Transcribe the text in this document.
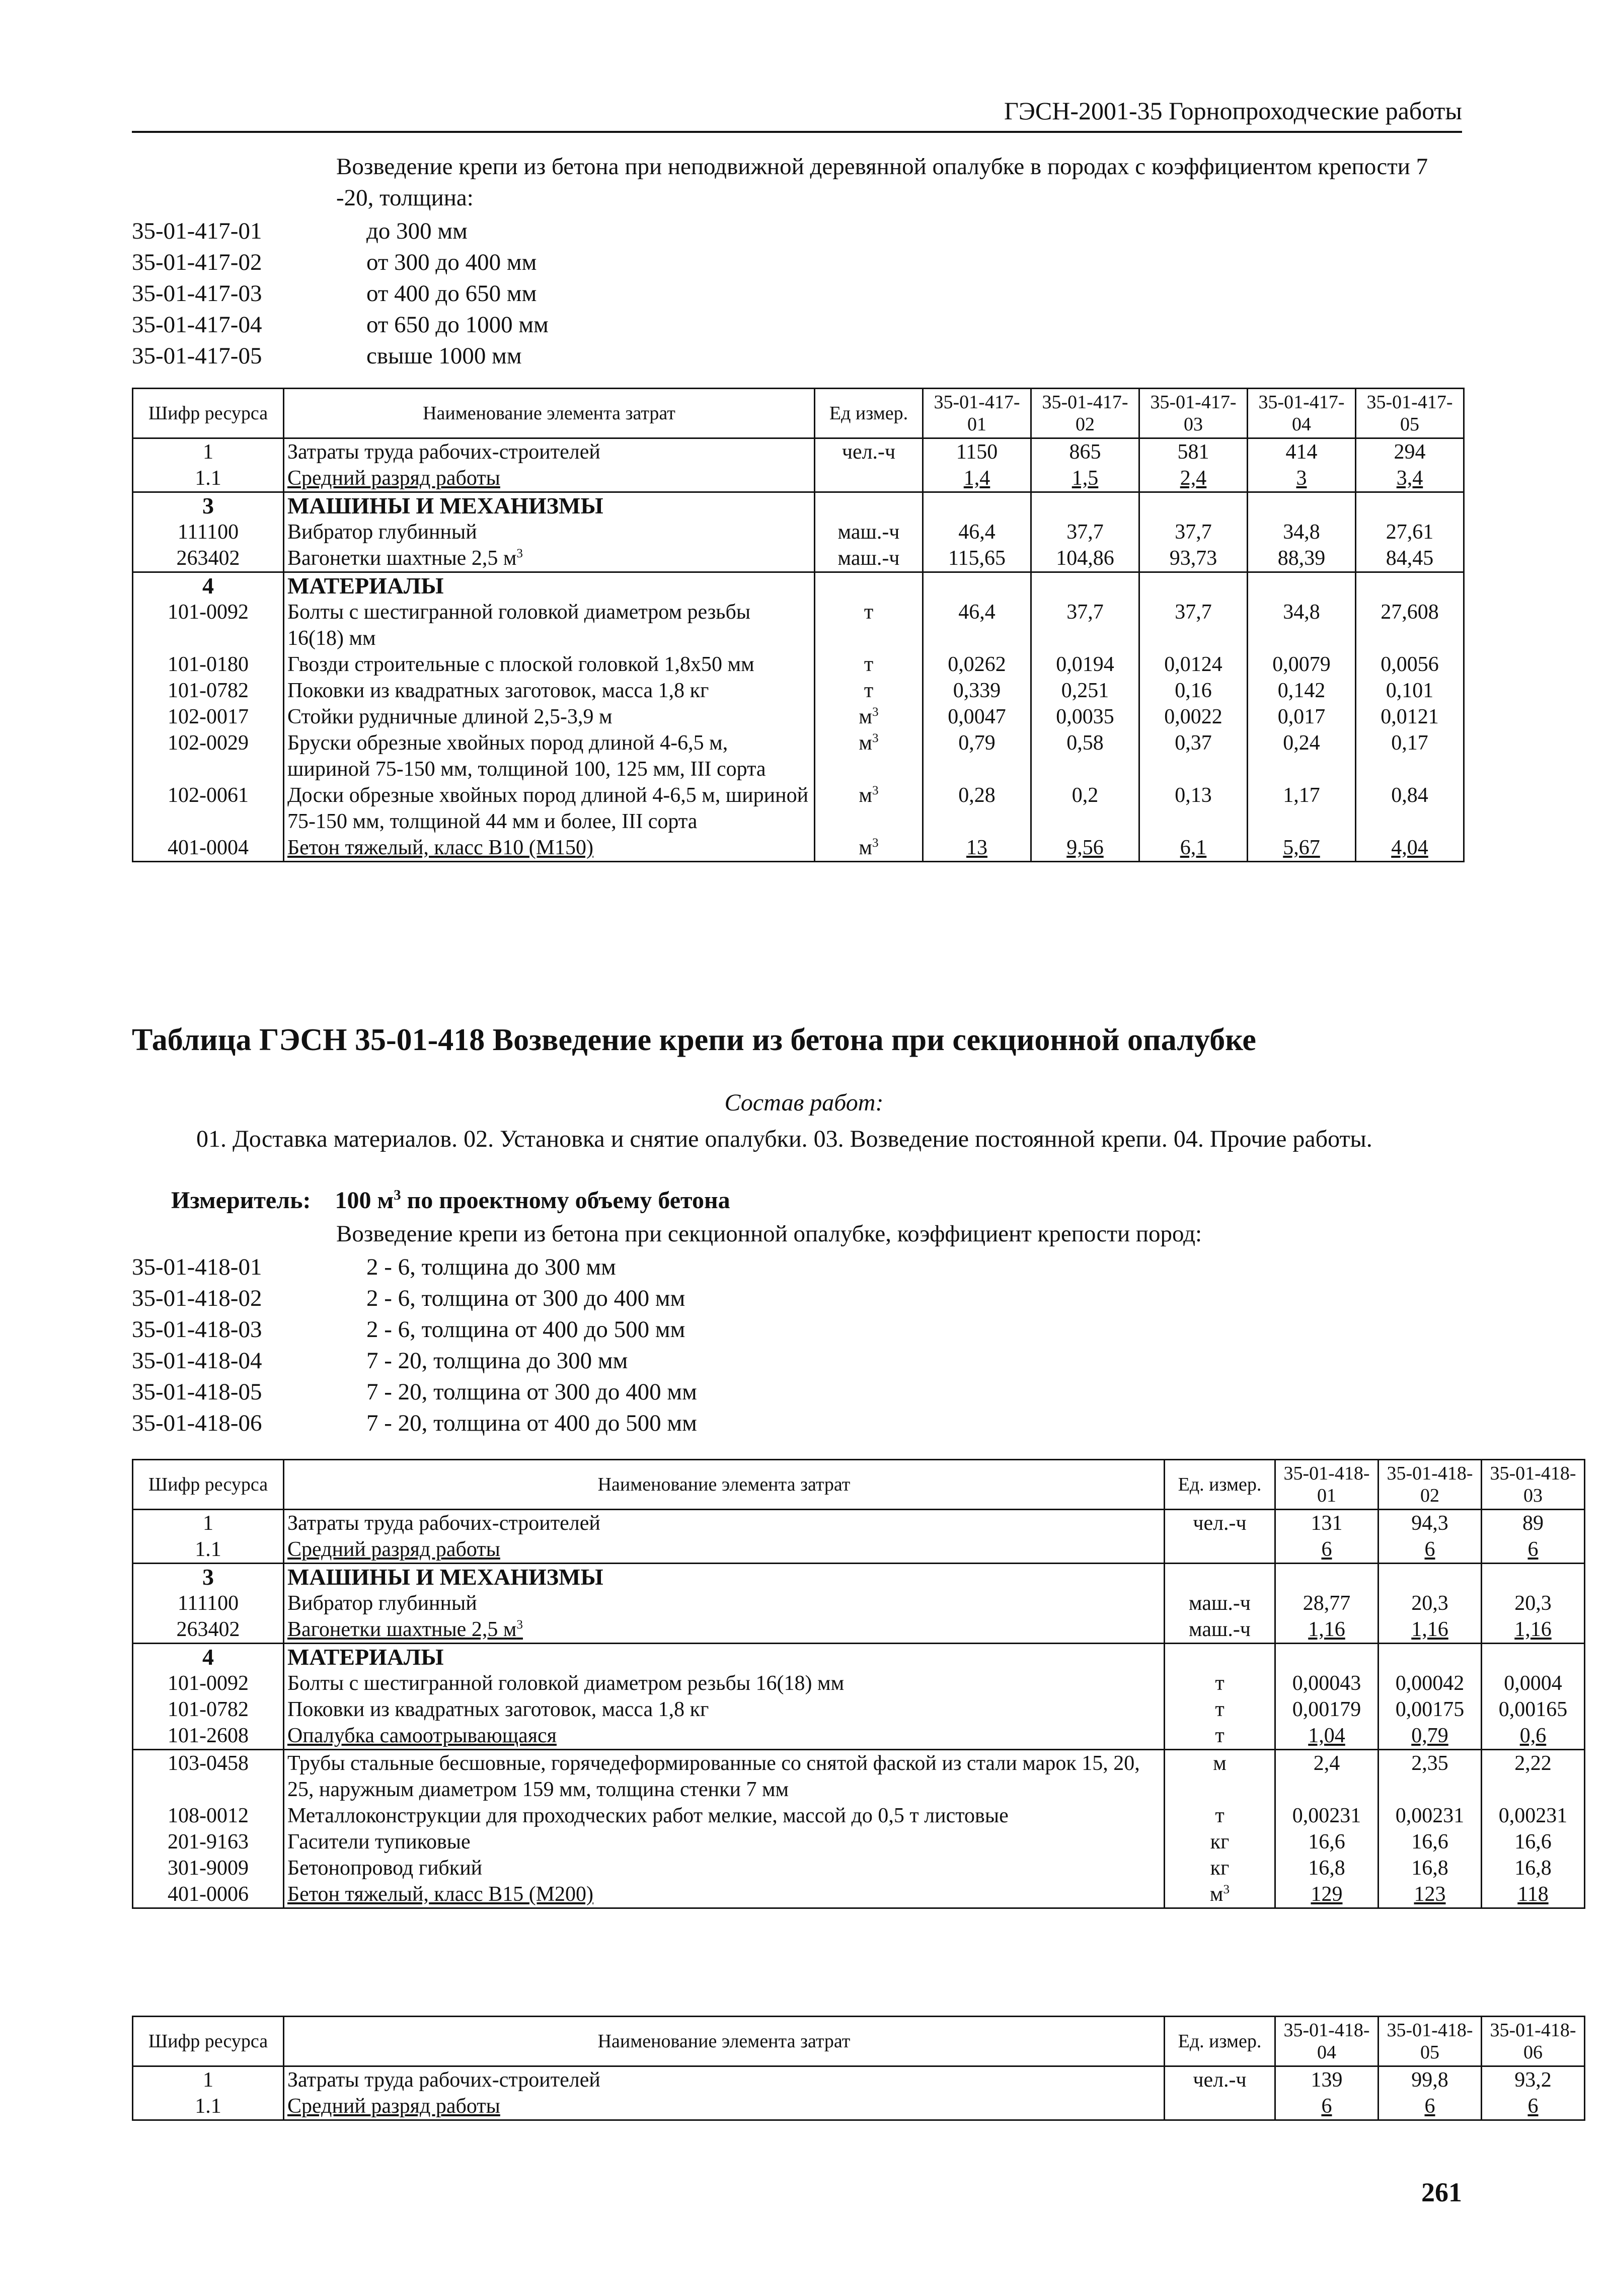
ГЭСН-2001-35 Горнопроходческие работы
Возведение крепи из бетона при неподвижной деревянной опалубке в породах с коэффициентом крепости 7 -20, толщина:
35-01-417-01	до 300 мм
35-01-417-02	от 300 до 400 мм
35-01-417-03	от 400 до 650 мм
35-01-417-04	от 650 до 1000 мм
35-01-417-05	свыше 1000 мм
Шифр ресурса	Наименование элемента затрат	Ед измер.	35-01-417-01	35-01-417-02	35-01-417-03	35-01-417-04	35-01-417-05
1	Затраты труда рабочих-строителей	чел.-ч	1150	865	581	414	294
1.1	Средний разряд работы		1,4	1,5	2,4	3	3,4
3	МАШИНЫ И МЕХАНИЗМЫ						
111100	Вибратор глубинный	маш.-ч	46,4	37,7	37,7	34,8	27,61
263402	Вагонетки шахтные 2,5 $м^3$	маш.-ч	115,65	104,86	93,73	88,39	84,45
4	МАТЕРИАЛЫ						
101-0092	Болты с шестигранной головкой диаметром резьбы 16(18) мм	т	46,4	37,7	37,7	34,8	27,608
101-0180	Гвозди строительные с плоской головкой 1,8х50 мм	т	0,0262	0,0194	0,0124	0,0079	0,0056
101-0782	Поковки из квадратных заготовок, масса 1,8 кг	т	0,339	0,251	0,16	0,142	0,101
102-0017	Стойки рудничные длиной 2,5-3,9 м	$м^3$	0,0047	0,0035	0,0022	0,017	0,0121
102-0029	Бруски обрезные хвойных пород длиной 4-6,5 м, шириной 75-150 мм, толщиной 100, 125 мм, III сорта	$м^3$	0,79	0,58	0,37	0,24	0,17
102-0061	Доски обрезные хвойных пород длиной 4-6,5 м, шириной 75-150 мм, толщиной 44 мм и более, III сорта	$м^3$	0,28	0,2	0,13	1,17	0,84
401-0004	Бетон тяжелый, класс В10 (М150)	$м^3$	13	9,56	6,1	5,67	4,04
Таблица ГЭСН 35-01-418 Возведение крепи из бетона при секционной опалубке
Состав работ:
01. Доставка материалов. 02. Установка и снятие опалубки. 03. Возведение постоянной крепи. 04. Прочие работы.
Измеритель: 100 $м^3$ по проектному объему бетона
Возведение крепи из бетона при секционной опалубке, коэффициент крепости пород:
35-01-418-01	2 - 6, толщина до 300 мм
35-01-418-02	2 - 6, толщина от 300 до 400 мм
35-01-418-03	2 - 6, толщина от 400 до 500 мм
35-01-418-04	7 - 20, толщина до 300 мм
35-01-418-05	7 - 20, толщина от 300 до 400 мм
35-01-418-06	7 - 20, толщина от 400 до 500 мм
Шифр ресурса	Наименование элемента затрат	Ед. измер.	35-01-418-01	35-01-418-02	35-01-418-03
1	Затраты труда рабочих-строителей	чел.-ч	131	94,3	89
1.1	Средний разряд работы		6	6	6
3	МАШИНЫ И МЕХАНИЗМЫ				
111100	Вибратор глубинный	маш.-ч	28,77	20,3	20,3
263402	Вагонетки шахтные 2,5 $м^3$	маш.-ч	1,16	1,16	1,16
4	МАТЕРИАЛЫ				
101-0092	Болты с шестигранной головкой диаметром резьбы 16(18) мм	т	0,00043	0,00042	0,0004
101-0782	Поковки из квадратных заготовок, масса 1,8 кг	т	0,00179	0,00175	0,00165
101-2608	Опалубка самоотрывающаяся	т	1,04	0,79	0,6
103-0458	Трубы стальные бесшовные, горячедеформированные со снятой фаской из стали марок 15, 20, 25, наружным диаметром 159 мм, толщина стенки 7 мм	м	2,4	2,35	2,22
108-0012	Металлоконструкции для проходческих работ мелкие, массой до 0,5 т листовые	т	0,00231	0,00231	0,00231
201-9163	Гасители тупиковые	кг	16,6	16,6	16,6
301-9009	Бетонопровод гибкий	кг	16,8	16,8	16,8
401-0006	Бетон тяжелый, класс В15 (М200)	$м^3$	129	123	118
Шифр ресурса	Наименование элемента затрат	Ед. измер.	35-01-418-04	35-01-418-05	35-01-418-06
1	Затраты труда рабочих-строителей	чел.-ч	139	99,8	93,2
1.1	Средний разряд работы		6	6	6
261
